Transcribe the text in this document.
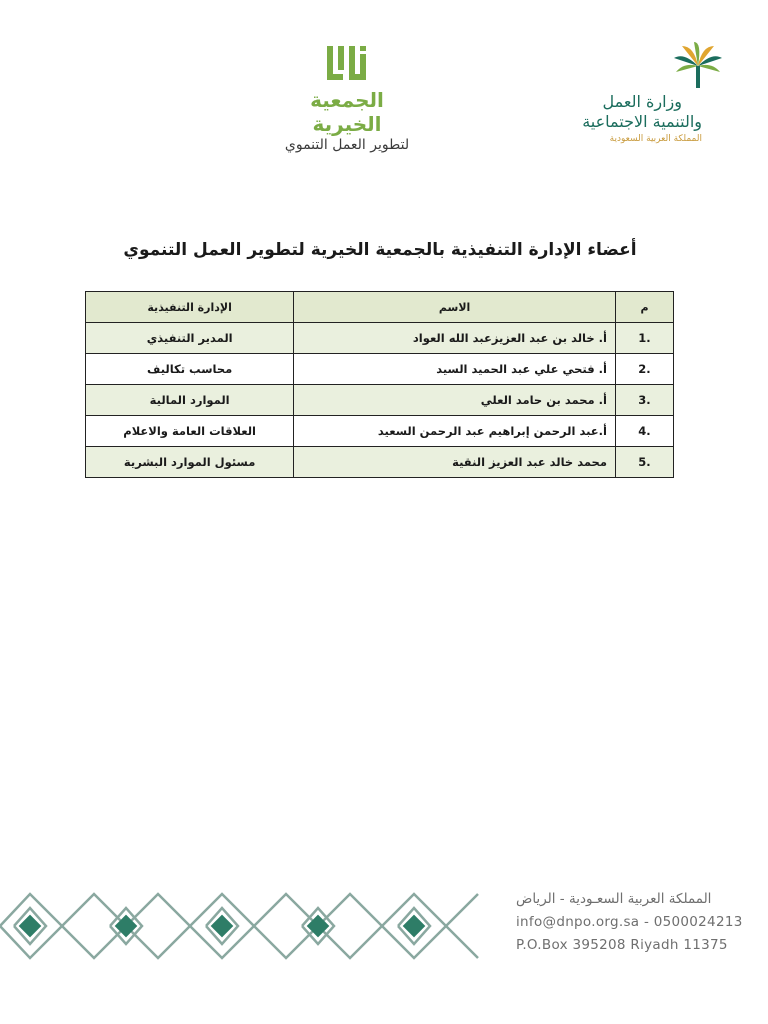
الجمعية الخيرية
لتطوير العمل التنموي
وزارة العمل
والتنمية الاجتماعية
المملكة العربية السعودية
أعضاء الإدارة التنفيذية بالجمعية الخيرية لتطوير العمل التنموي
م	الاسم	الإدارة التنفيذية
1.	أ. خالد بن عبد العزيزعبد الله العواد	المدير التنفيذي
2.	أ. فتحي علي عبد الحميد السيد	محاسب تكاليف
3.	أ. محمد بن حامد العلي	الموارد المالية
4.	أ.عبد الرحمن إبراهيم عبد الرحمن السعيد	العلاقات العامة والاعلام
5.	محمد خالد عبد العزيز النقية	مسئول الموارد البشرية
المملكة العربية السعـودية - الرياض
info@dnpo.org.sa - 0500024213
P.O.Box 395208 Riyadh 11375
